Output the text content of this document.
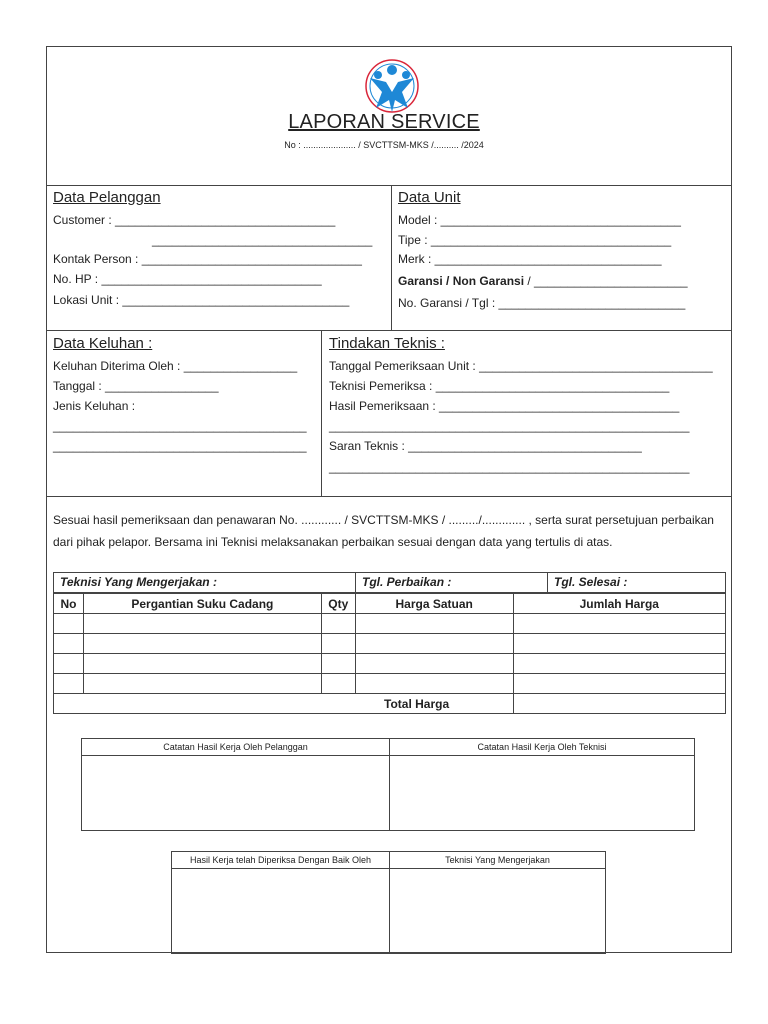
LAPORAN SERVICE
No : ..................... / SVCTTSM-MKS /.......... /2024
Data Pelanggan
Customer : _________________________________
_________________________________
Kontak Person : _________________________________
No. HP : _________________________________
Lokasi Unit : __________________________________
Data Unit
Model : ____________________________________
Tipe : ____________________________________
Merk : __________________________________
Garansi / Non Garansi / _______________________
No. Garansi / Tgl : ____________________________
Data Keluhan :
Keluhan Diterima Oleh : _________________
Tanggal : _________________
Jenis Keluhan :
______________________________________
______________________________________
Tindakan Teknis :
Tanggal Pemeriksaan Unit : ___________________________________
Teknisi Pemeriksa : ___________________________________
Hasil Pemeriksaan : ____________________________________
______________________________________________________
Saran Teknis : ___________________________________
______________________________________________________
Sesuai hasil pemeriksaan dan penawaran No. ............ / SVCTTSM-MKS / ........./............. , serta surat persetujuan perbaikan
dari pihak pelapor. Bersama ini Teknisi melaksanakan perbaikan sesuai dengan data yang tertulis di atas.
Teknisi Yang Mengerjakan :	Tgl. Perbaikan :	Tgl. Selesai :
No	Pergantian Suku Cadang	Qty	Harga Satuan	Jumlah Harga

Total Harga				
Catatan Hasil Kerja Oleh Pelanggan	Catatan Hasil Kerja Oleh Teknisi
Hasil Kerja telah Diperiksa Dengan Baik Oleh	Teknisi Yang Mengerjakan
